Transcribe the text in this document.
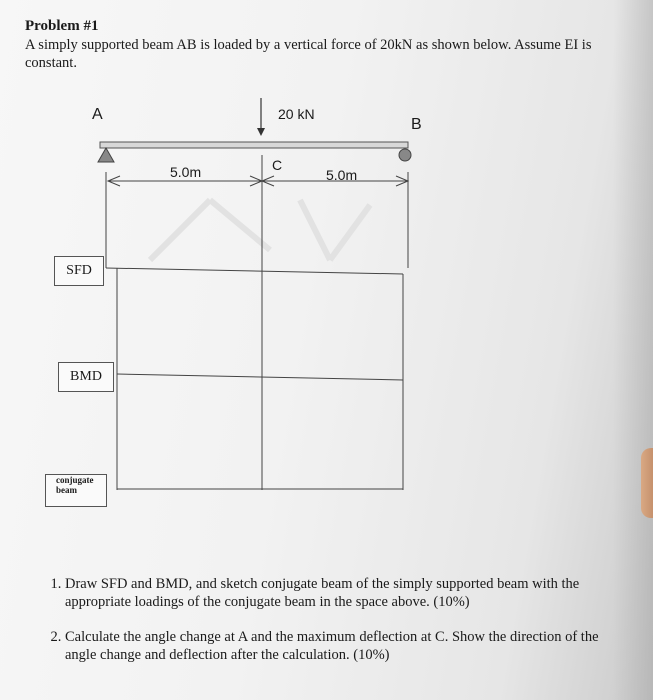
Problem #1

A simply supported beam AB is loaded by a vertical force of 20kN as shown below. Assume EI is constant.

A
B
20 kN
C
5.0m	5.0m
SFD
BMD
conjugate
beam
1. Draw SFD and BMD, and sketch conjugate beam of the simply supported beam with the appropriate loadings of the conjugate beam in the space above. (10%)
2. Calculate the angle change at A and the maximum deflection at C. Show the direction of the angle change and deflection after the calculation. (10%)
